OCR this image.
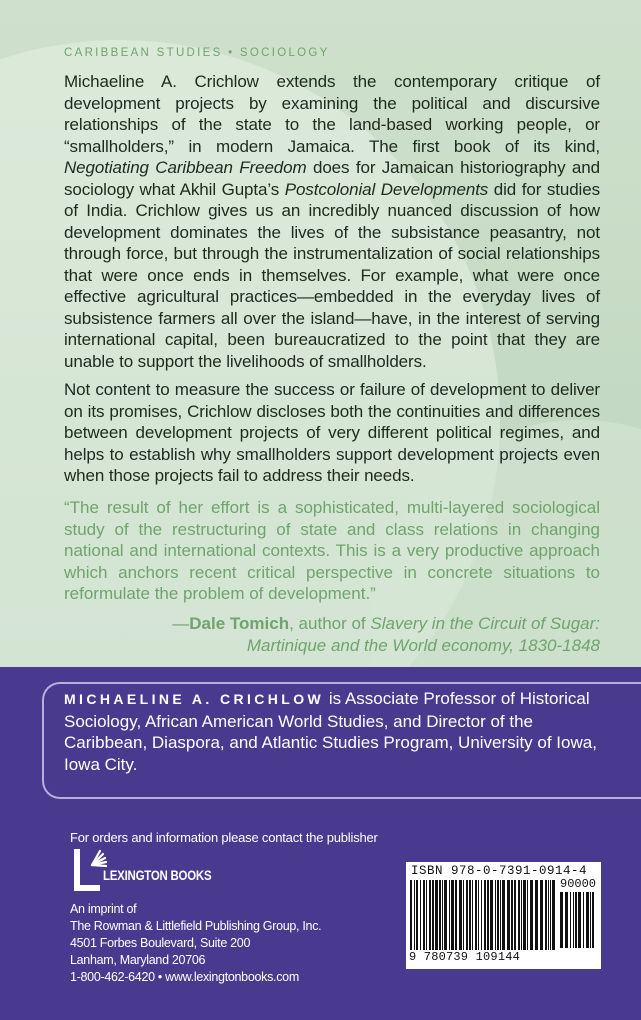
CARIBBEAN STUDIES • SOCIOLOGY

Michaeline A. Crichlow extends the contemporary critique of development projects by examining the political and discursive relationships of the state to the land-based working people, or “smallholders,” in modern Jamaica. The first book of its kind, Negotiating Caribbean Freedom does for Jamaican historiography and sociology what Akhil Gupta’s Postcolonial Developments did for studies of India. Crichlow gives us an incredibly nuanced discussion of how development dominates the lives of the subsistance peasantry, not through force, but through the instrumentalization of social relationships that were once ends in themselves. For example, what were once effective agricultural practices—embedded in the everyday lives of subsistence farmers all over the island—have, in the interest of serving international capital, been bureaucratized to the point that they are unable to support the livelihoods of smallholders.

Not content to measure the success or failure of development to deliver on its promises, Crichlow discloses both the continuities and differences between development projects of very different political regimes, and helps to establish why smallholders support development projects even when those projects fail to address their needs.

“The result of her effort is a sophisticated, multi-layered sociological study of the restructuring of state and class relations in changing national and international contexts. This is a very productive approach which anchors recent critical perspective in concrete situations to reformulate the problem of development.”

—Dale Tomich, author of Slavery in the Circuit of Sugar:
Martinique and the World economy, 1830-1848

MICHAELINE A. CRICHLOW is Associate Professor of Historical Sociology, African American World Studies, and Director of the Caribbean, Diaspora, and Atlantic Studies Program, University of Iowa, Iowa City.

For orders and information please contact the publisher
LEXINGTON BOOKS
An imprint of
The Rowman & Littlefield Publishing Group, Inc.
4501 Forbes Boulevard, Suite 200
Lanham, Maryland 20706
1-800-462-6420 • www.lexingtonbooks.com
ISBN 978-0-7391-0914-4
90000
9 780739 109144
